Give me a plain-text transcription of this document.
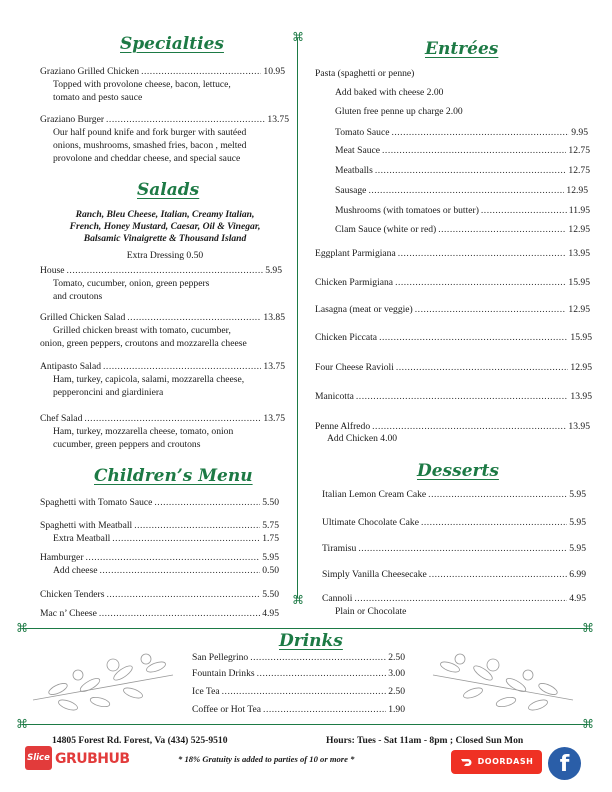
⌘
⌘
⌘	⌘
⌘	⌘
Specialties
Graziano Grilled Chicken .....	10.95
Topped with provolone cheese, bacon, lettuce,
tomato and pesto sauce
Graziano Burger .....	13.75
Our half pound knife and fork burger with sautéed
onions, mushrooms, smashed fries, bacon , melted
provolone and cheddar cheese, and special sauce
Salads
Ranch, Bleu Cheese, Italian, Creamy Italian,
French, Honey Mustard, Caesar, Oil & Vinegar,
Balsamic Vinaigrette & Thousand Island
Extra Dressing 0.50
House .....	5.95
Tomato, cucumber, onion, green peppers
and croutons
Grilled Chicken Salad .....	13.85
Grilled chicken breast with tomato, cucumber,
onion, green peppers, croutons and mozzarella cheese
Antipasto Salad .....	13.75
Ham, turkey, capicola, salami, mozzarella cheese,
pepperoncini and giardiniera
Chef Salad .....	13.75
Ham, turkey, mozzarella cheese, tomato, onion
cucumber, green peppers and croutons
Children’s Menu
Spaghetti with Tomato Sauce .....	5.50
Spaghetti with Meatball .....	5.75
Extra Meatball .....	1.75
Hamburger .....	5.95
Add cheese .....	0.50
Chicken Tenders .....	5.50
Mac n’ Cheese .....	4.95
Entrées
Pasta (spaghetti or penne)
Add baked with cheese 2.00
Gluten free penne up charge 2.00
Tomato Sauce .....	9.95
Meat Sauce .....	12.75
Meatballs .....	12.75
Sausage .....	12.95
Mushrooms (with tomatoes or butter) .....	11.95
Clam Sauce (white or red) .....	12.95
Eggplant Parmigiana .....	13.95
Chicken Parmigiana .....	15.95
Lasagna (meat or veggie) .....	12.95
Chicken Piccata .....	15.95
Four Cheese Ravioli .....	12.95
Manicotta .....	13.95
Penne Alfredo .....	13.95
Add Chicken 4.00
Desserts
Italian Lemon Cream Cake .....	5.95
Ultimate Chocolate Cake .....	5.95
Tiramisu .....	5.95
Simply Vanilla Cheesecake .....	6.99
Cannoli .....	4.95
Plain or Chocolate
Drinks
San Pellegrino .....	2.50
Fountain Drinks .....	3.00
Ice Tea .....	2.50
Coffee or Hot Tea .....	1.90
14805 Forest Rd. Forest, Va (434) 525-9510	Hours: Tues - Sat 11am - 8pm ; Closed Sun Mon
* 18% Gratuity is added to parties of 10 or more *
Slice GRUBHUB	DOORDASH	f
